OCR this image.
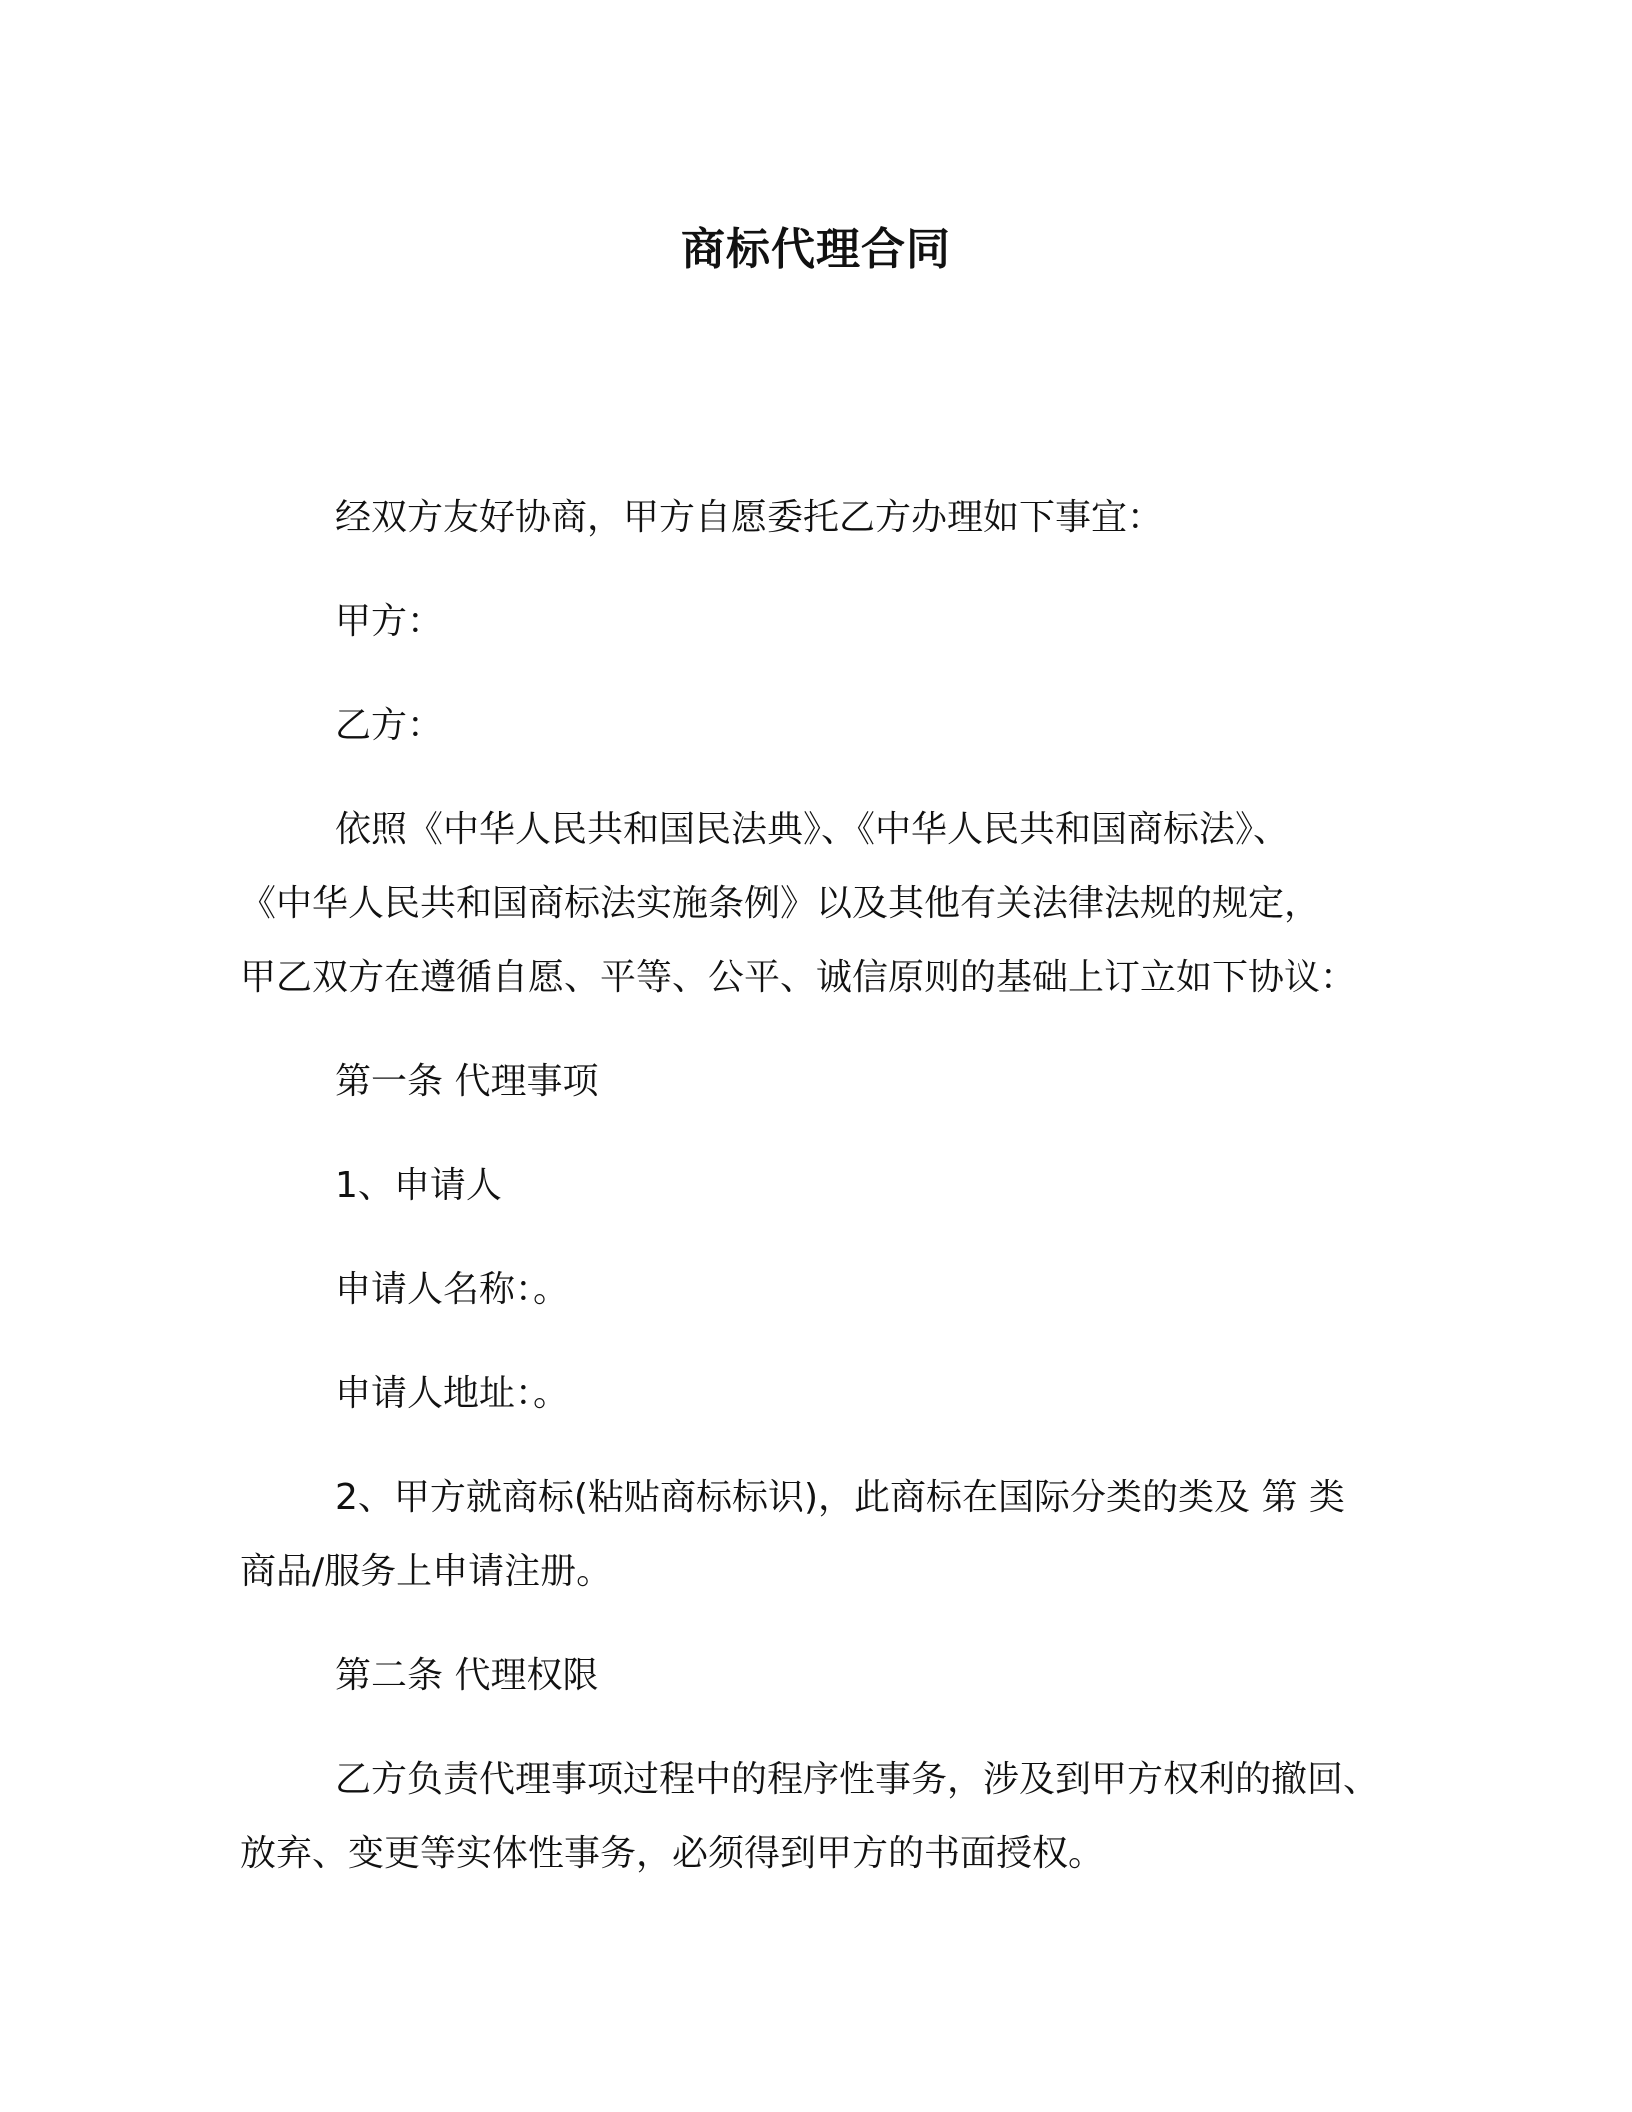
商标代理合同
经双方友好协商，甲方自愿委托乙方办理如下事宜：
甲方：
乙方：
依照《中华人民共和国民法典》、《中华人民共和国商标法》、
《中华人民共和国商标法实施条例》以及其他有关法律法规的规定，
甲乙双方在遵循自愿、平等、公平、诚信原则的基础上订立如下协议：
第一条 代理事项
1、申请人
申请人名称：。
申请人地址：。
2、甲方就商标(粘贴商标标识)，此商标在国际分类的类及 第 类
商品/服务上申请注册。
第二条 代理权限
乙方负责代理事项过程中的程序性事务，涉及到甲方权利的撤回、
放弃、变更等实体性事务，必须得到甲方的书面授权。
